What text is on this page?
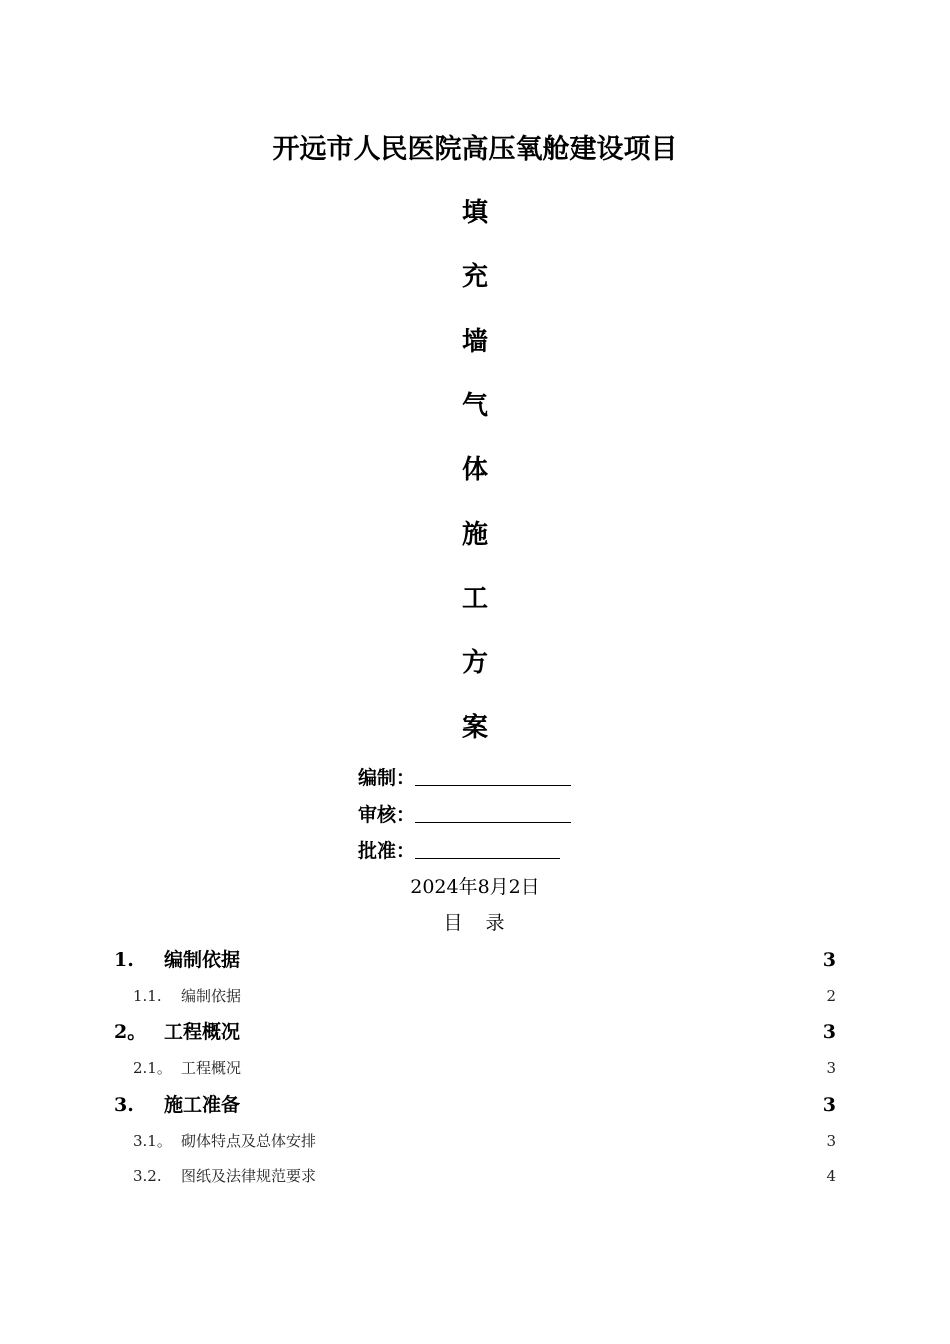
开远市人民医院高压氧舱建设项目
填
充
墙
气
体
施
工
方
案
编制：
审核：
批准：
2024年8月2日
目　录
1.	编制依据	3
1.1.	编制依据	2
2。 工程概况	3
2.1。 工程概况	3
3.	施工准备	3
3.1。 砌体特点及总体安排	3
3.2.	图纸及法律规范要求	4
